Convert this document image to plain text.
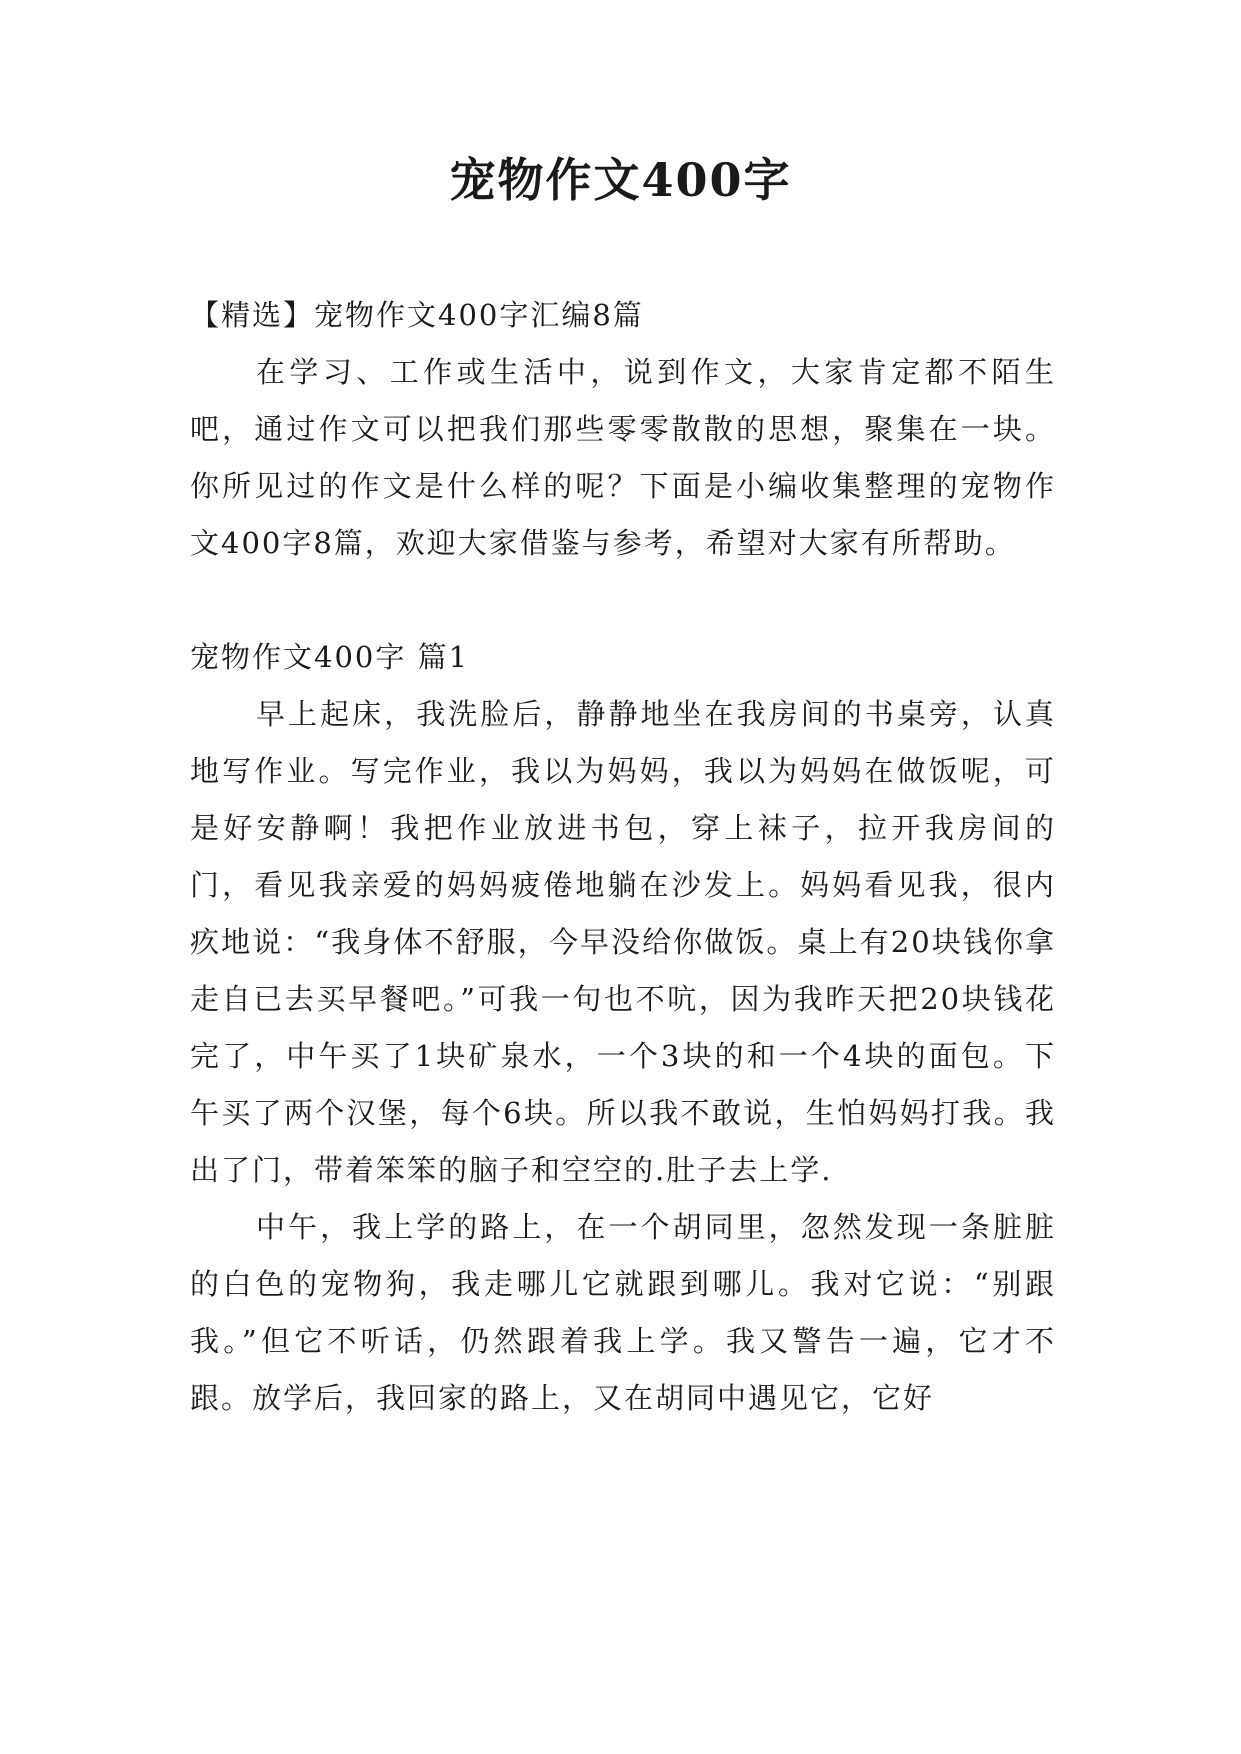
宠物作文400字
【精选】宠物作文400字汇编8篇

在学习、工作或生活中，说到作文，大家肯定都不陌生吧，通过作文可以把我们那些零零散散的思想，聚集在一块。你所见过的作文是什么样的呢？下面是小编收集整理的宠物作文400字8篇，欢迎大家借鉴与参考，希望对大家有所帮助。

宠物作文400字 篇1

早上起床，我洗脸后，静静地坐在我房间的书桌旁，认真地写作业。写完作业，我以为妈妈，我以为妈妈在做饭呢，可是好安静啊！我把作业放进书包，穿上袜子，拉开我房间的门，看见我亲爱的妈妈疲倦地躺在沙发上。妈妈看见我，很内疚地说：“我身体不舒服，今早没给你做饭。桌上有20块钱你拿走自已去买早餐吧。”可我一句也不吭，因为我昨天把20块钱花完了，中午买了1块矿泉水，一个3块的和一个4块的面包。下午买了两个汉堡，每个6块。所以我不敢说，生怕妈妈打我。我出了门，带着笨笨的脑子和空空的.肚子去上学.

中午，我上学的路上，在一个胡同里，忽然发现一条脏脏的白色的宠物狗，我走哪儿它就跟到哪儿。我对它说：“别跟我。”但它不听话，仍然跟着我上学。我又警告一遍，它才不跟。放学后，我回家的路上，又在胡同中遇见它，它好
